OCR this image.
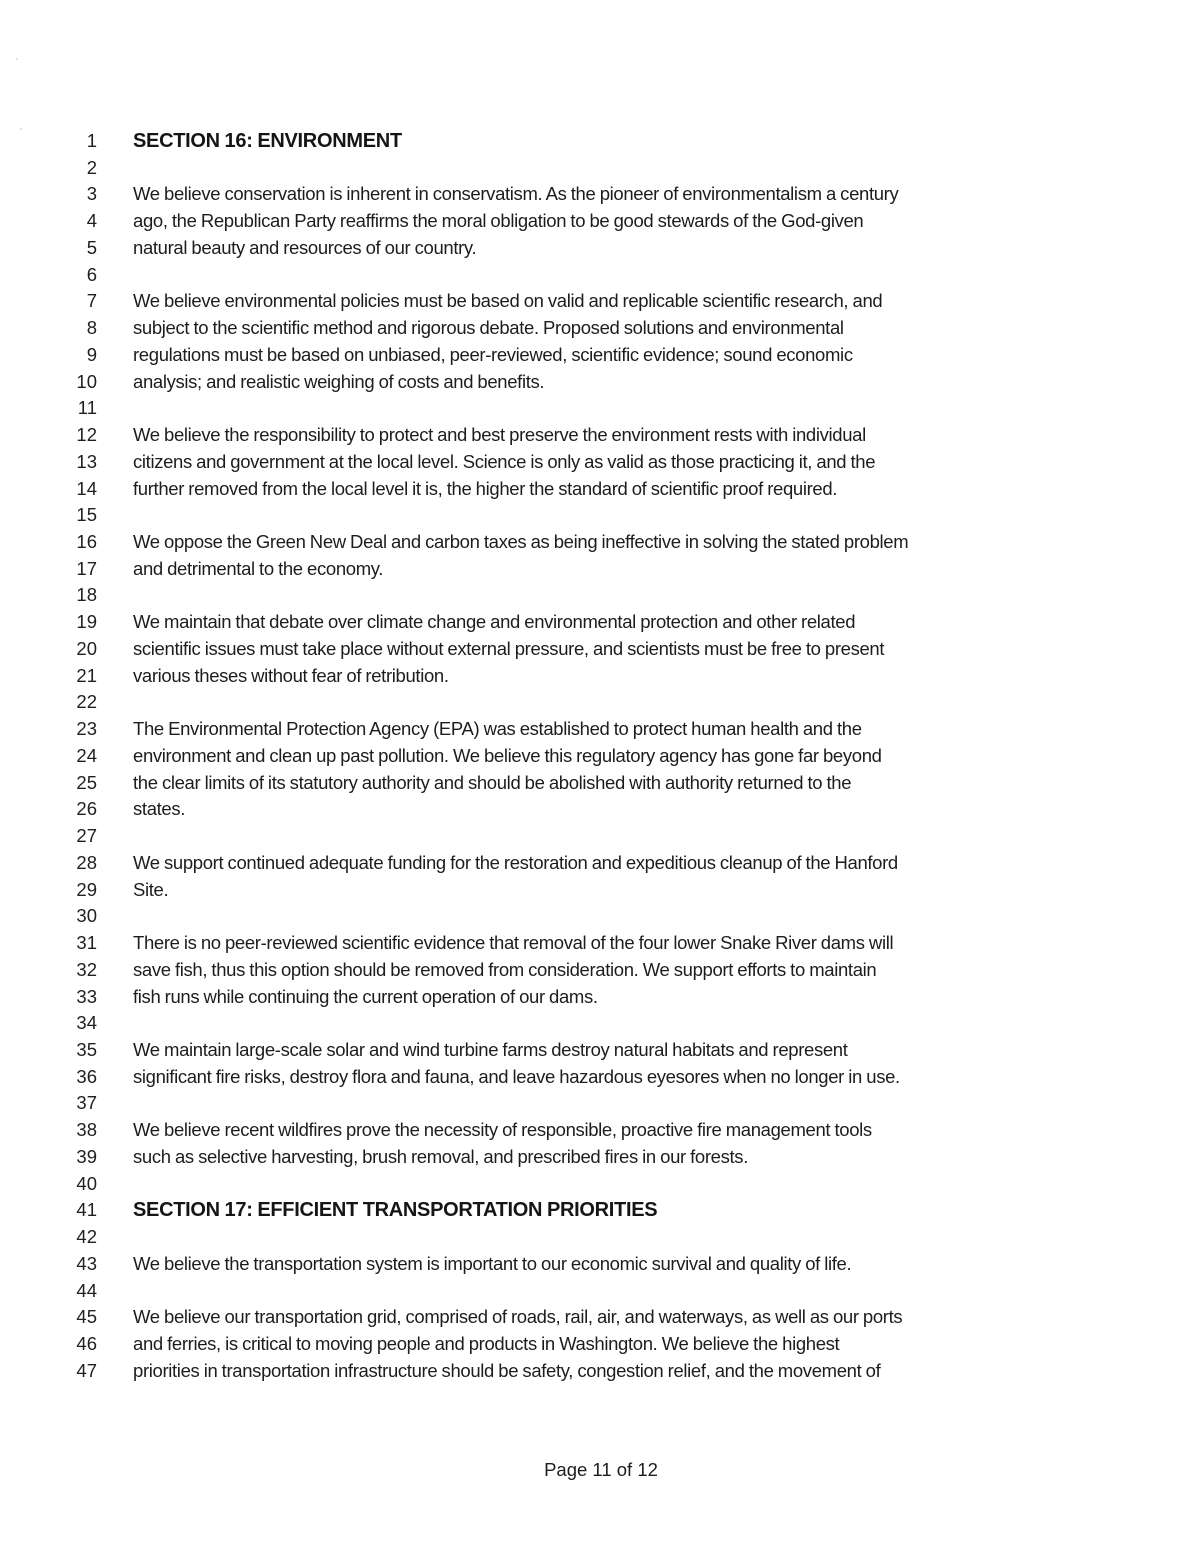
1 SECTION 16: ENVIRONMENT
2
3 We believe conservation is inherent in conservatism. As the pioneer of environmentalism a century
4 ago, the Republican Party reaffirms the moral obligation to be good stewards of the God-given
5 natural beauty and resources of our country.
6
7 We believe environmental policies must be based on valid and replicable scientific research, and
8 subject to the scientific method and rigorous debate. Proposed solutions and environmental
9 regulations must be based on unbiased, peer-reviewed, scientific evidence; sound economic
10 analysis; and realistic weighing of costs and benefits.
11
12 We believe the responsibility to protect and best preserve the environment rests with individual
13 citizens and government at the local level. Science is only as valid as those practicing it, and the
14 further removed from the local level it is, the higher the standard of scientific proof required.
15
16 We oppose the Green New Deal and carbon taxes as being ineffective in solving the stated problem
17 and detrimental to the economy.
18
19 We maintain that debate over climate change and environmental protection and other related
20 scientific issues must take place without external pressure, and scientists must be free to present
21 various theses without fear of retribution.
22
23 The Environmental Protection Agency (EPA) was established to protect human health and the
24 environment and clean up past pollution. We believe this regulatory agency has gone far beyond
25 the clear limits of its statutory authority and should be abolished with authority returned to the
26 states.
27
28 We support continued adequate funding for the restoration and expeditious cleanup of the Hanford
29 Site.
30
31 There is no peer-reviewed scientific evidence that removal of the four lower Snake River dams will
32 save fish, thus this option should be removed from consideration. We support efforts to maintain
33 fish runs while continuing the current operation of our dams.
34
35 We maintain large-scale solar and wind turbine farms destroy natural habitats and represent
36 significant fire risks, destroy flora and fauna, and leave hazardous eyesores when no longer in use.
37
38 We believe recent wildfires prove the necessity of responsible, proactive fire management tools
39 such as selective harvesting, brush removal, and prescribed fires in our forests.
40
41 SECTION 17: EFFICIENT TRANSPORTATION PRIORITIES
42
43 We believe the transportation system is important to our economic survival and quality of life.
44
45 We believe our transportation grid, comprised of roads, rail, air, and waterways, as well as our ports
46 and ferries, is critical to moving people and products in Washington. We believe the highest
47 priorities in transportation infrastructure should be safety, congestion relief, and the movement of
Page 11 of 12
